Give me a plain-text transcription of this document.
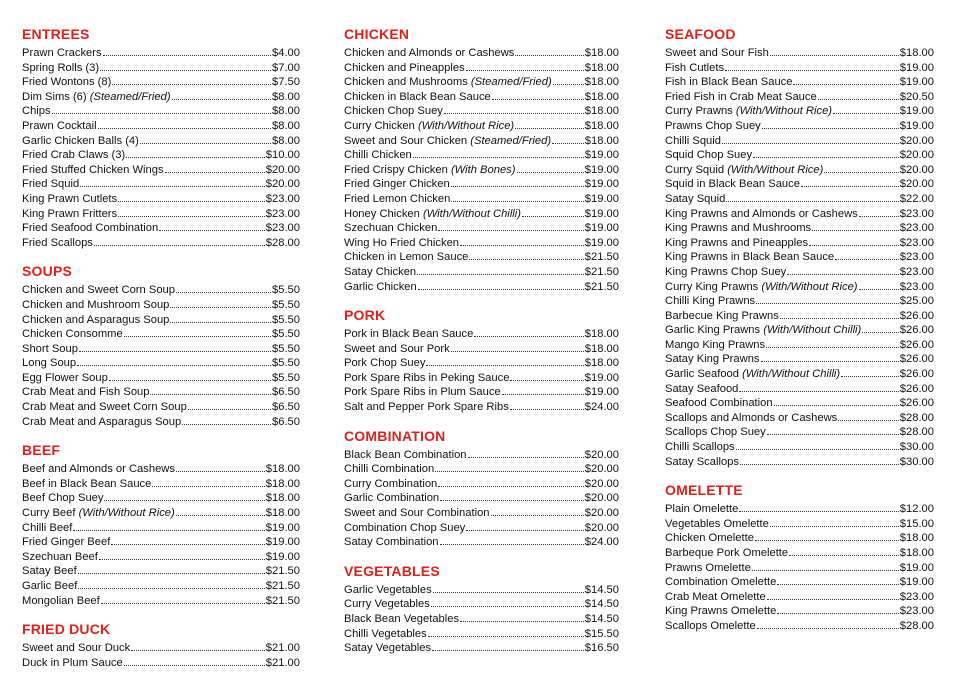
ENTREES
Prawn Crackers	$4.00
Spring Rolls (3)	$7.00
Fried Wontons (8)	$7.50
Dim Sims (6) (Steamed/Fried)	$8.00
Chips	$8.00
Prawn Cocktail	$8.00
Garlic Chicken Balls (4)	$8.00
Fried Crab Claws (3)	$10.00
Fried Stuffed Chicken Wings	$20.00
Fried Squid	$20.00
King Prawn Cutlets	$23.00
King Prawn Fritters	$23.00
Fried Seafood Combination	$23.00
Fried Scallops	$28.00
SOUPS
Chicken and Sweet Corn Soup	$5.50
Chicken and Mushroom Soup	$5.50
Chicken and Asparagus Soup	$5.50
Chicken Consomme	$5.50
Short Soup	$5.50
Long Soup	$5.50
Egg Flower Soup	$5.50
Crab Meat and Fish Soup	$6.50
Crab Meat and Sweet Corn Soup	$6.50
Crab Meat and Asparagus Soup	$6.50
BEEF
Beef and Almonds or Cashews	$18.00
Beef in Black Bean Sauce	$18.00
Beef Chop Suey	$18.00
Curry Beef (With/Without Rice)	$18.00
Chilli Beef	$19.00
Fried Ginger Beef	$19.00
Szechuan Beef	$19.00
Satay Beef	$21.50
Garlic Beef	$21.50
Mongolian Beef	$21.50
FRIED DUCK
Sweet and Sour Duck	$21.00
Duck in Plum Sauce	$21.00
CHICKEN
Chicken and Almonds or Cashews	$18.00
Chicken and Pineapples	$18.00
Chicken and Mushrooms (Steamed/Fried)	$18.00
Chicken in Black Bean Sauce	$18.00
Chicken Chop Suey	$18.00
Curry Chicken (With/Without Rice)	$18.00
Sweet and Sour Chicken (Steamed/Fried)	$18.00
Chilli Chicken	$19.00
Fried Crispy Chicken (With Bones)	$19.00
Fried Ginger Chicken	$19.00
Fried Lemon Chicken	$19.00
Honey Chicken (With/Without Chilli)	$19.00
Szechuan Chicken	$19.00
Wing Ho Fried Chicken	$19.00
Chicken in Lemon Sauce	$21.50
Satay Chicken	$21.50
Garlic Chicken	$21.50
PORK
Pork in Black Bean Sauce	$18.00
Sweet and Sour Pork	$18.00
Pork Chop Suey	$18.00
Pork Spare Ribs in Peking Sauce	$19.00
Pork Spare Ribs in Plum Sauce	$19.00
Salt and Pepper Pork Spare Ribs	$24.00
COMBINATION
Black Bean Combination	$20.00
Chilli Combination	$20.00
Curry Combination	$20.00
Garlic Combination	$20.00
Sweet and Sour Combination	$20.00
Combination Chop Suey	$20.00
Satay Combination	$24.00
VEGETABLES
Garlic Vegetables	$14.50
Curry Vegetables	$14.50
Black Bean Vegetables	$14.50
Chilli Vegetables	$15.50
Satay Vegetables	$16.50
SEAFOOD
Sweet and Sour Fish	$18.00
Fish Cutlets	$19.00
Fish in Black Bean Sauce	$19.00
Fried Fish in Crab Meat Sauce	$20.50
Curry Prawns (With/Without Rice)	$19.00
Prawns Chop Suey	$19.00
Chilli Squid	$20.00
Squid Chop Suey	$20.00
Curry Squid (With/Without Rice)	$20.00
Squid in Black Bean Sauce	$20.00
Satay Squid	$22.00
King Prawns and Almonds or Cashews	$23.00
King Prawns and Mushrooms	$23.00
King Prawns and Pineapples	$23.00
King Prawns in Black Bean Sauce	$23.00
King Prawns Chop Suey	$23.00
Curry King Prawns (With/Without Rice)	$23.00
Chilli King Prawns	$25.00
Barbecue King Prawns	$26.00
Garlic King Prawns (With/Without Chilli)	$26.00
Mango King Prawns	$26.00
Satay King Prawns	$26.00
Garlic Seafood (With/Without Chilli)	$26.00
Satay Seafood	$26.00
Seafood Combination	$26.00
Scallops and Almonds or Cashews	$28.00
Scallops Chop Suey	$28.00
Chilli Scallops	$30.00
Satay Scallops	$30.00
OMELETTE
Plain Omelette	$12.00
Vegetables Omelette	$15.00
Chicken Omelette	$18.00
Barbeque Pork Omelette	$18.00
Prawns Omelette	$19.00
Combination Omelette	$19.00
Crab Meat Omelette	$23.00
King Prawns Omelette	$23.00
Scallops Omelette	$28.00
